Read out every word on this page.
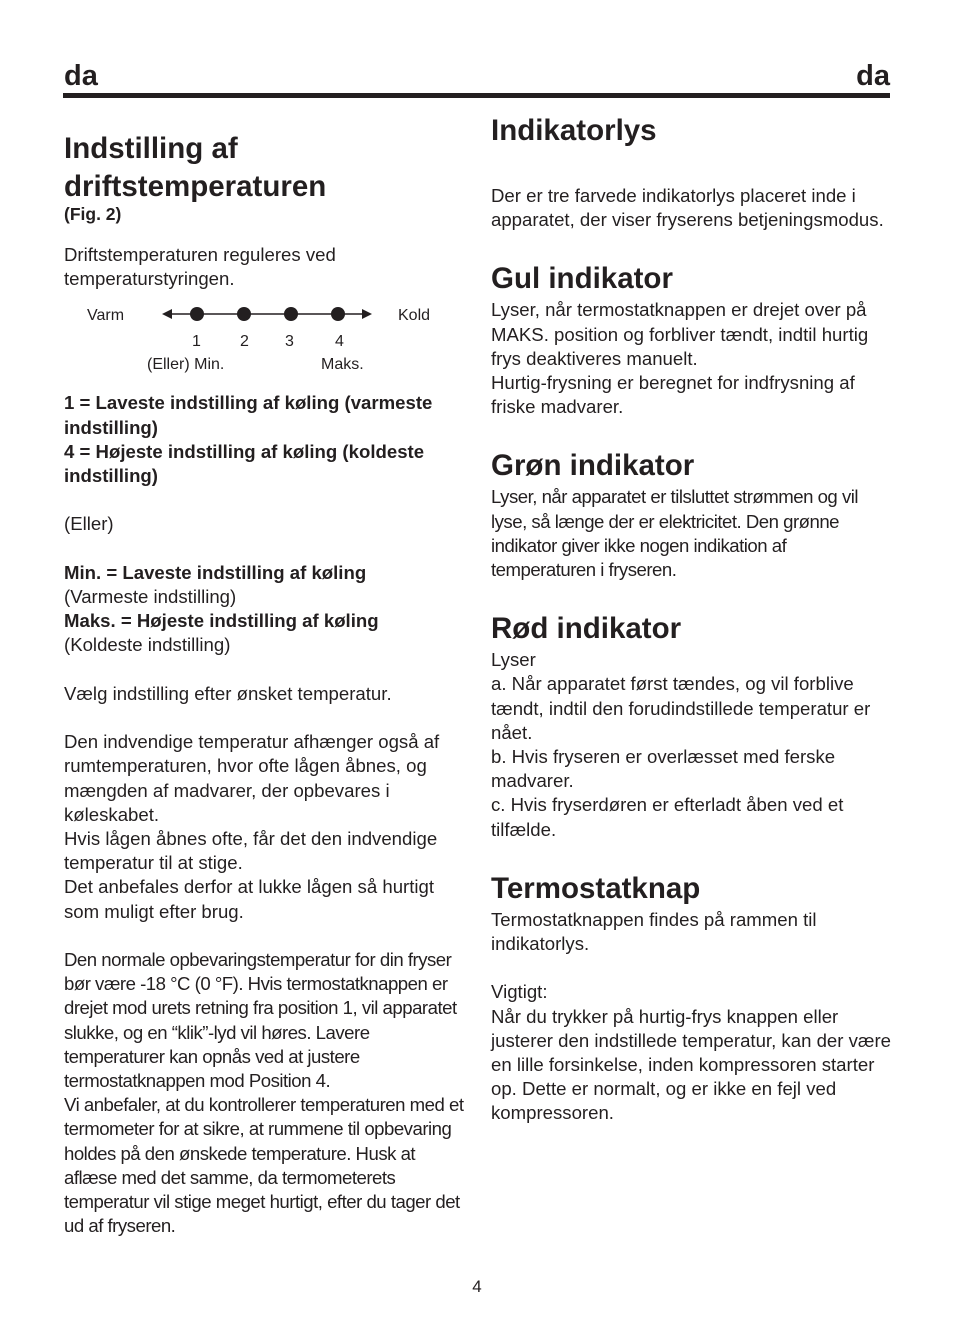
da	da
Indstilling af driftstemperaturen
(Fig. 2)

Driftstemperaturen reguleres ved temperaturstyringen.

Varm	Kold
1 2 3	4
(Eller) Min.	Maks.

1 = Laveste indstilling af køling (varmeste indstilling)

4 = Højeste indstilling af køling (koldeste indstilling)

(Eller)

Min. = Laveste indstilling af køling

(Varmeste indstilling)

Maks. = Højeste indstilling af køling

(Koldeste indstilling)

Vælg indstilling efter ønsket temperatur.

Den indvendige temperatur afhænger også af rumtemperaturen, hvor ofte lågen åbnes, og mængden af madvarer, der opbevares i køleskabet.

Hvis lågen åbnes ofte, får det den indvendige temperatur til at stige.

Det anbefales derfor at lukke lågen så hurtigt som muligt efter brug.

Den normale opbevaringstemperatur for din fryser bør være -18 °C (0 °F). Hvis termostatknappen er drejet mod urets retning fra position 1, vil apparatet slukke, og en “klik”-lyd vil høres. Lavere temperaturer kan opnås ved at justere termostatknappen mod Position 4.

Vi anbefaler, at du kontrollerer temperaturen med et termometer for at sikre, at rummene til opbevaring holdes på den ønskede temperature. Husk at aflæse med det samme, da termometerets temperatur vil stige meget hurtigt, efter du tager det ud af fryseren.

Indikatorlys

Der er tre farvede indikatorlys placeret inde i apparatet, der viser fryserens betjeningsmodus.

Gul indikator

Lyser, når termostatknappen er drejet over på MAKS. position og forbliver tændt, indtil hurtig frys deaktiveres manuelt.

Hurtig-frysning er beregnet for indfrysning af friske madvarer.

Grøn indikator

Lyser, når apparatet er tilsluttet strømmen og vil lyse, så længe der er elektricitet. Den grønne indikator giver ikke nogen indikation af temperaturen i fryseren.

Rød indikator

Lyser

a. Når apparatet først tændes, og vil forblive tændt, indtil den forudindstillede temperatur er nået.

b. Hvis fryseren er overlæsset med ferske madvarer.

c. Hvis fryserdøren er efterladt åben ved et tilfælde.

Termostatknap

Termostatknappen findes på rammen til indikatorlys.

Vigtigt:

Når du trykker på hurtig-frys knappen eller justerer den indstillede temperatur, kan der være en lille forsinkelse, inden kompressoren starter op. Dette er normalt, og er ikke en fejl ved kompressoren.

4
